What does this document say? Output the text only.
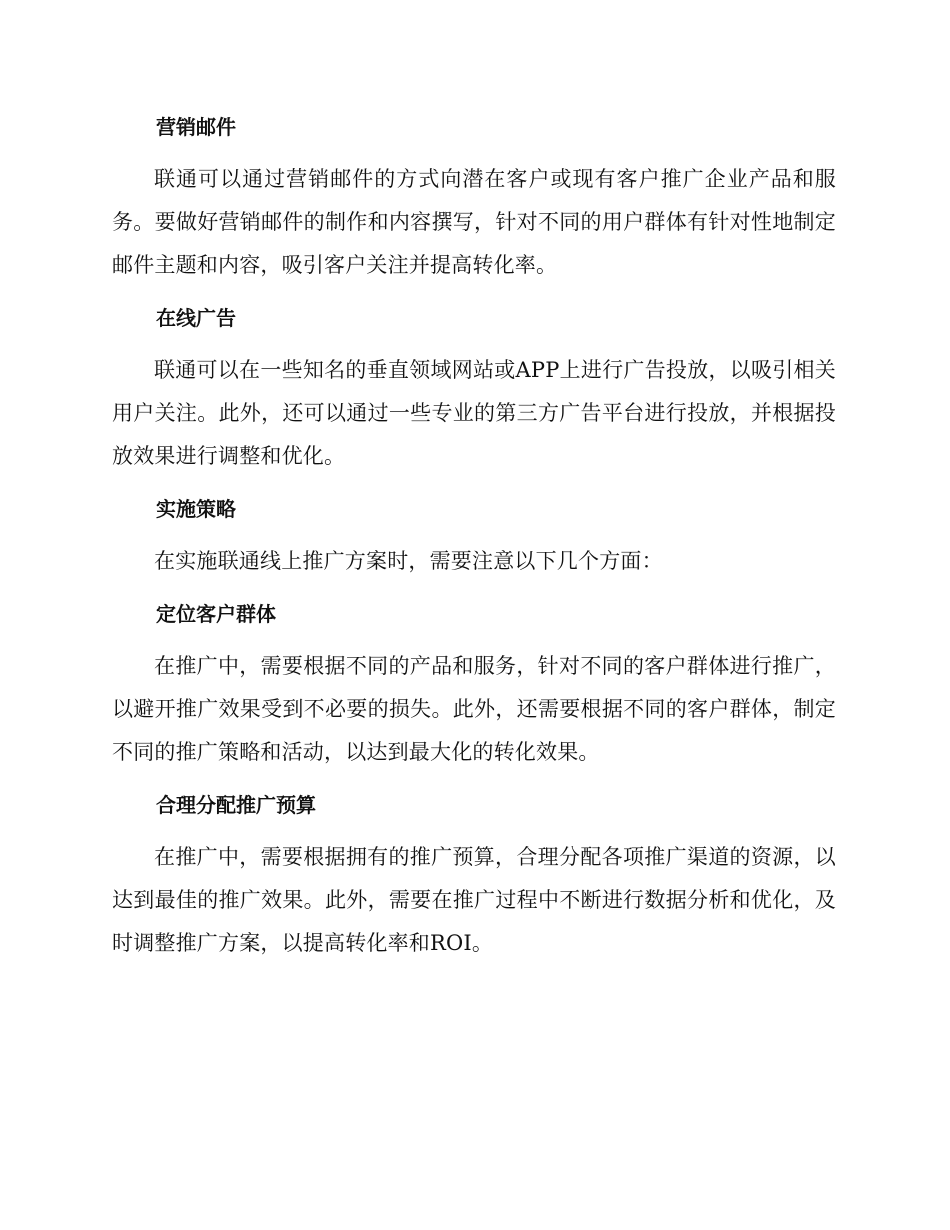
营销邮件

联通可以通过营销邮件的方式向潜在客户或现有客户推广企业产品和服务。要做好营销邮件的制作和内容撰写，针对不同的用户群体有针对性地制定邮件主题和内容，吸引客户关注并提高转化率。

在线广告

联通可以在一些知名的垂直领域网站或APP上进行广告投放，以吸引相关用户关注。此外，还可以通过一些专业的第三方广告平台进行投放，并根据投放效果进行调整和优化。

实施策略

在实施联通线上推广方案时，需要注意以下几个方面：

定位客户群体

在推广中，需要根据不同的产品和服务，针对不同的客户群体进行推广，以避开推广效果受到不必要的损失。此外，还需要根据不同的客户群体，制定不同的推广策略和活动，以达到最大化的转化效果。

合理分配推广预算

在推广中，需要根据拥有的推广预算，合理分配各项推广渠道的资源，以达到最佳的推广效果。此外，需要在推广过程中不断进行数据分析和优化，及时调整推广方案，以提高转化率和ROI。
